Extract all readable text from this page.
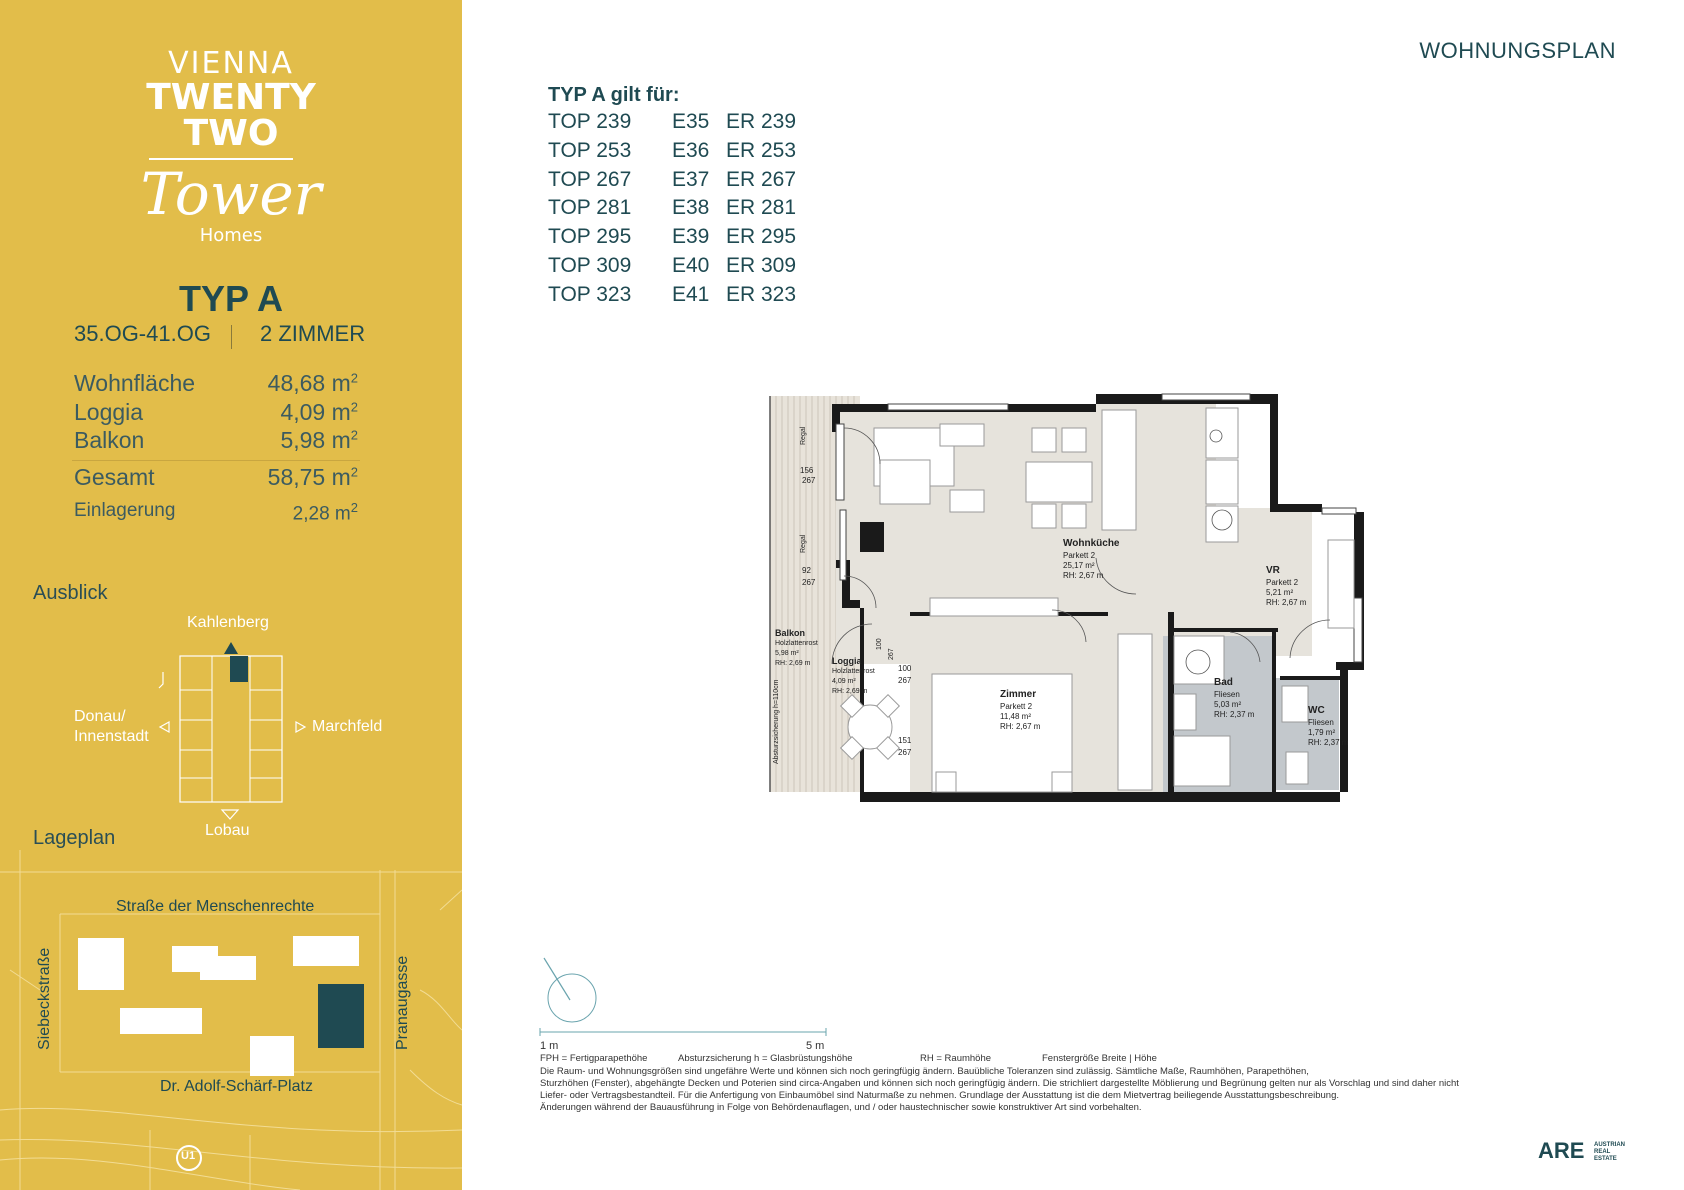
VIENNA
TWENTY
TWO
Tower
Homes
TYP A
35.OG-41.OG 2 ZIMMER
Wohnfläche	48,68 $m^2$
Loggia	4,09 $m^2$
Balkon	5,98 $m^2$
Gesamt	58,75 $m^2$
Einlagerung	2,28 $m^2$
Ausblick
Kahlenberg
Donau/
Innenstadt
Marchfeld
Lobau
Lageplan
Straße der Menschenrechte
Siebeckstraße	Pranaugasse
Dr. Adolf-Schärf-Platz
U1
WOHNUNGSPLAN
TYP A gilt für:
TOP 239 E35 ER 239
TOP 253 E36 ER 253
TOP 267 E37 ER 267
TOP 281 E38 ER 281
TOP 295 E39 ER 295
TOP 309 E40 ER 309
TOP 323 E41 ER 323
Wohnküche
Parkett 2
25,17 m²
RH: 2,67 m	VR
Parkett 2
5,21 m²
RH: 2,67 m
Zimmer
Parkett 2
11,48 m²
RH: 2,67 m
Bad
Fliesen
5,03 m²
RH: 2,37 m	WC
Fliesen
1,79 m²
RH: 2,37 m
Balkon
Holzlattenrost
5,98 m²
RH: 2,69 m Loggia
Holzlattenrost
4,09 m²
RH: 2,69 m
156
267
92
267
100
267
151
267
100
267
Regal
Regal
Absturzsicherung h=110cm
1 m	5 m
FPH = Fertigparapethöhe	Absturzsicherung h = Glasbrüstungshöhe	RH = Raumhöhe	Fenstergröße Breite | Höhe
Die Raum- und Wohnungsgrößen sind ungefähre Werte und können sich noch geringfügig ändern. Bauübliche Toleranzen sind zulässig. Sämtliche Maße, Raumhöhen, Parapethöhen,
Sturzhöhen (Fenster), abgehängte Decken und Poterien sind circa-Angaben und können sich noch geringfügig ändern. Die strichliert dargestellte Möblierung und Begrünung gelten nur als Vorschlag und sind daher nicht
Liefer- oder Vertragsbestandteil. Für die Anfertigung von Einbaumöbel sind Naturmaße zu nehmen. Grundlage der Ausstattung ist die dem Mietvertrag beiliegende Ausstattungsbeschreibung.
Änderungen während der Bauausführung in Folge von Behördenauflagen, und / oder haustechnischer sowie konstruktiver Art sind vorbehalten.
ARE AUSTRIAN
REAL
ESTATE
